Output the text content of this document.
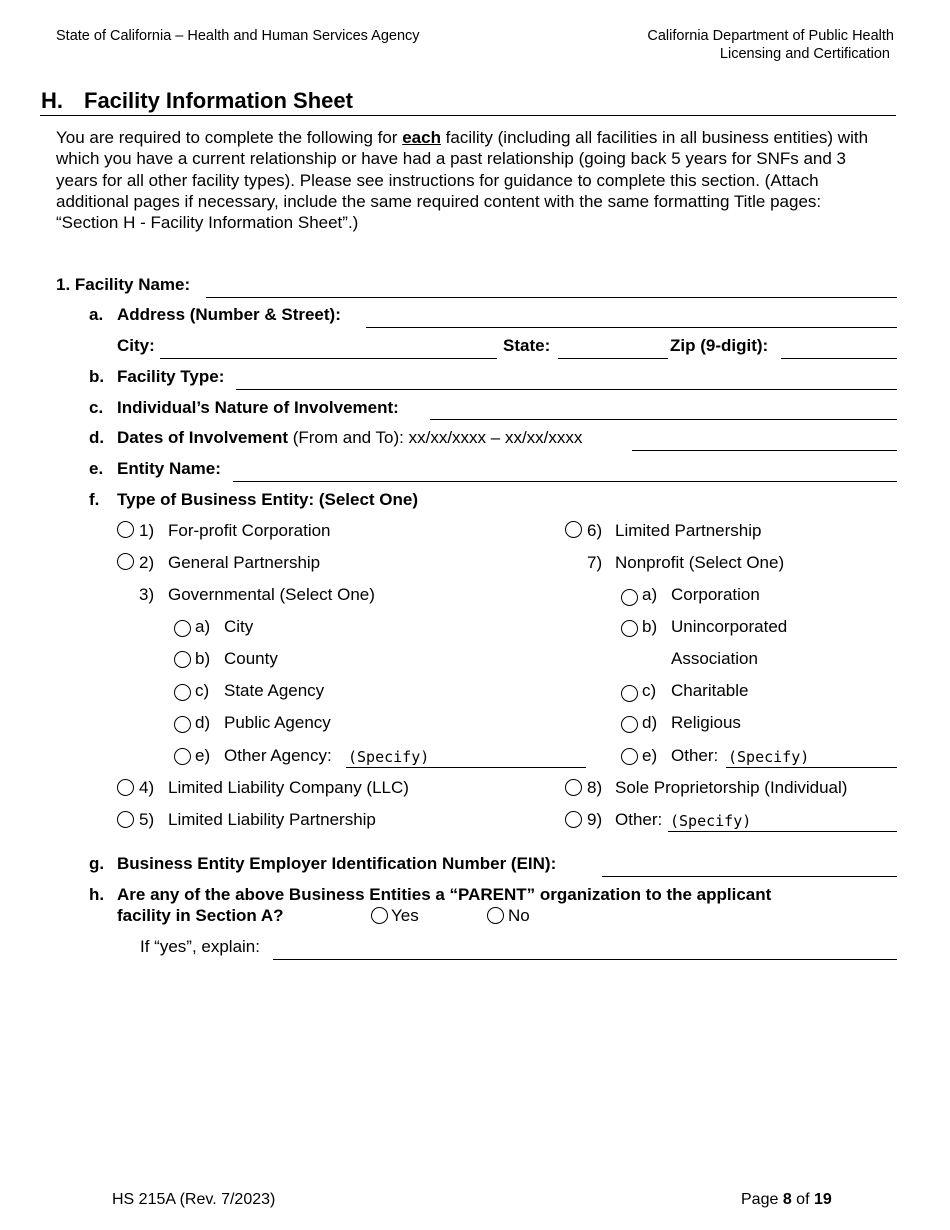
State of California – Health and Human Services Agency	California Department of Public Health
Licensing and Certification
H. Facility Information Sheet
You are required to complete the following for each facility (including all facilities in all business entities) with which you have a current relationship or have had a past relationship (going back 5 years for SNFs and 3 years for all other facility types). Please see instructions for guidance to complete this section. (Attach additional pages if necessary, include the same required content with the same formatting Title pages: “Section H - Facility Information Sheet”.)
1. Facility Name:
a. Address (Number & Street):
City:	State:	Zip (9-digit):
b. Facility Type:
c. Individual’s Nature of Involvement:
d. Dates of Involvement (From and To): xx/xx/xxxx – xx/xx/xxxx
e. Entity Name:
f. Type of Business Entity: (Select One)
1) For-profit Corporation
2) General Partnership
3) Governmental (Select One)
a) City
b) County
c) State Agency
d) Public Agency
e) Other Agency: (Specify)
4) Limited Liability Company (LLC)
5) Limited Liability Partnership
6) Limited Partnership
7) Nonprofit (Select One)
a) Corporation
b) Unincorporated
Association
c) Charitable
d) Religious
e) Other: (Specify)
8) Sole Proprietorship (Individual)
9) Other: (Specify)
g. Business Entity Employer Identification Number (EIN):
h. Are any of the above Business Entities a “PARENT” organization to the applicant
facility in Section A?	Yes	No
If “yes”, explain:
HS 215A (Rev. 7/2023)	Page 8 of 19
